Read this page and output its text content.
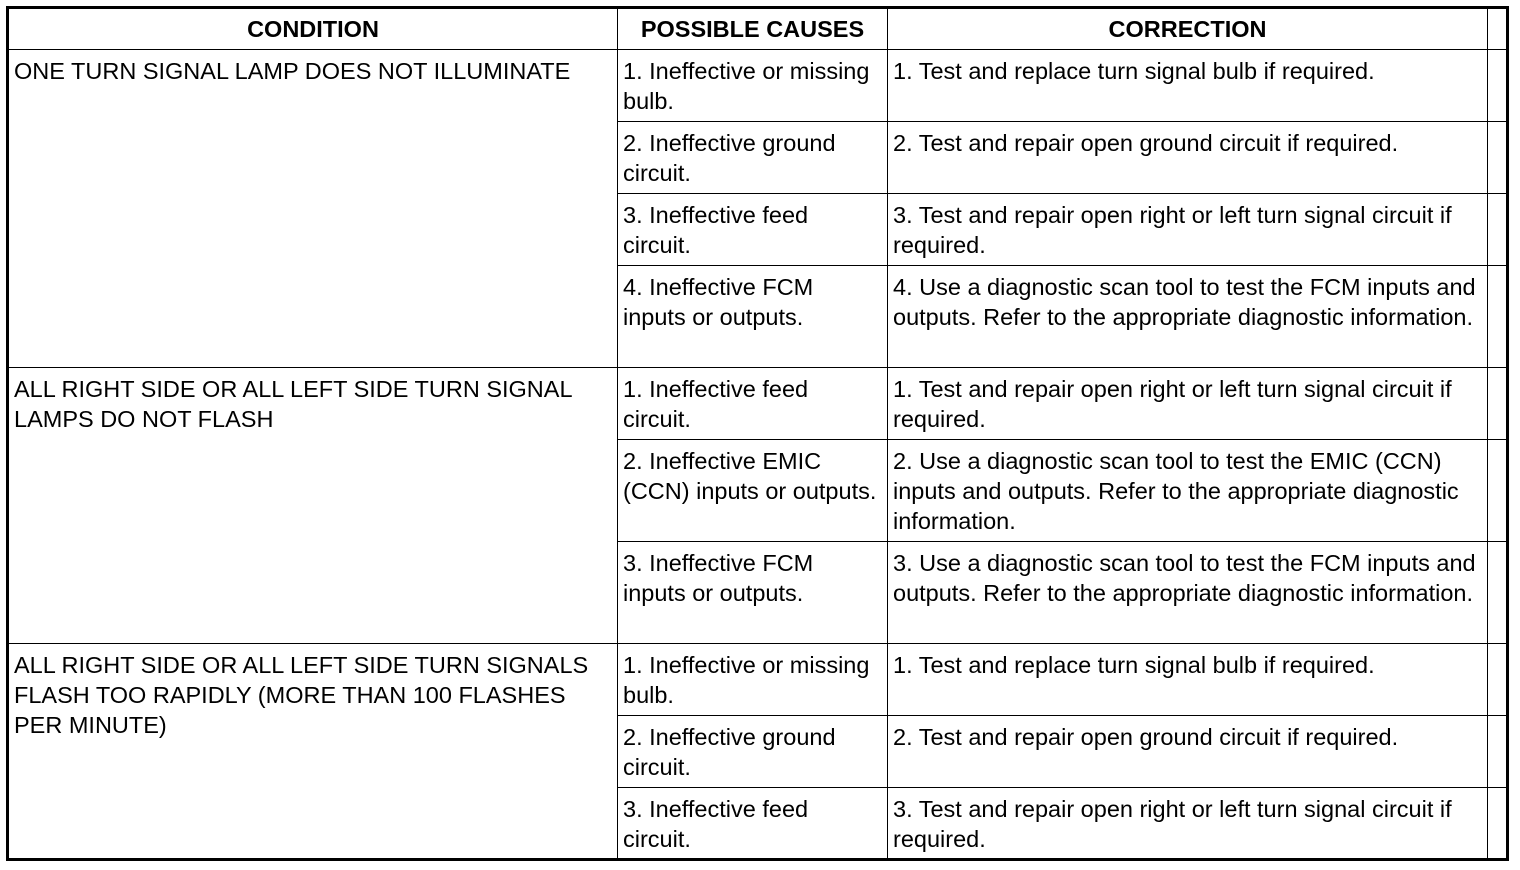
CONDITION	POSSIBLE CAUSES	CORRECTION	
ONE TURN SIGNAL LAMP DOES NOT ILLUMINATE	1. Ineffective or missing bulb.	1. Test and replace turn signal bulb if required.	
	2. Ineffective ground circuit.	2. Test and repair open ground circuit if required.	
	3. Ineffective feed circuit.	3. Test and repair open right or left turn signal circuit if required.	
	4. Ineffective FCM inputs or outputs.	4. Use a diagnostic scan tool to test the FCM inputs and outputs. Refer to the appropriate diagnostic information.	
ALL RIGHT SIDE OR ALL LEFT SIDE TURN SIGNAL LAMPS DO NOT FLASH	1. Ineffective feed circuit.	1. Test and repair open right or left turn signal circuit if required.	
	2. Ineffective EMIC (CCN) inputs or outputs.	2. Use a diagnostic scan tool to test the EMIC (CCN) inputs and outputs. Refer to the appropriate diagnostic information.	
	3. Ineffective FCM inputs or outputs.	3. Use a diagnostic scan tool to test the FCM inputs and outputs. Refer to the appropriate diagnostic information.	
ALL RIGHT SIDE OR ALL LEFT SIDE TURN SIGNALS FLASH TOO RAPIDLY (MORE THAN 100 FLASHES PER MINUTE)	1. Ineffective or missing bulb.	1. Test and replace turn signal bulb if required.	
	2. Ineffective ground circuit.	2. Test and repair open ground circuit if required.	
	3. Ineffective feed circuit.	3. Test and repair open right or left turn signal circuit if required.	
